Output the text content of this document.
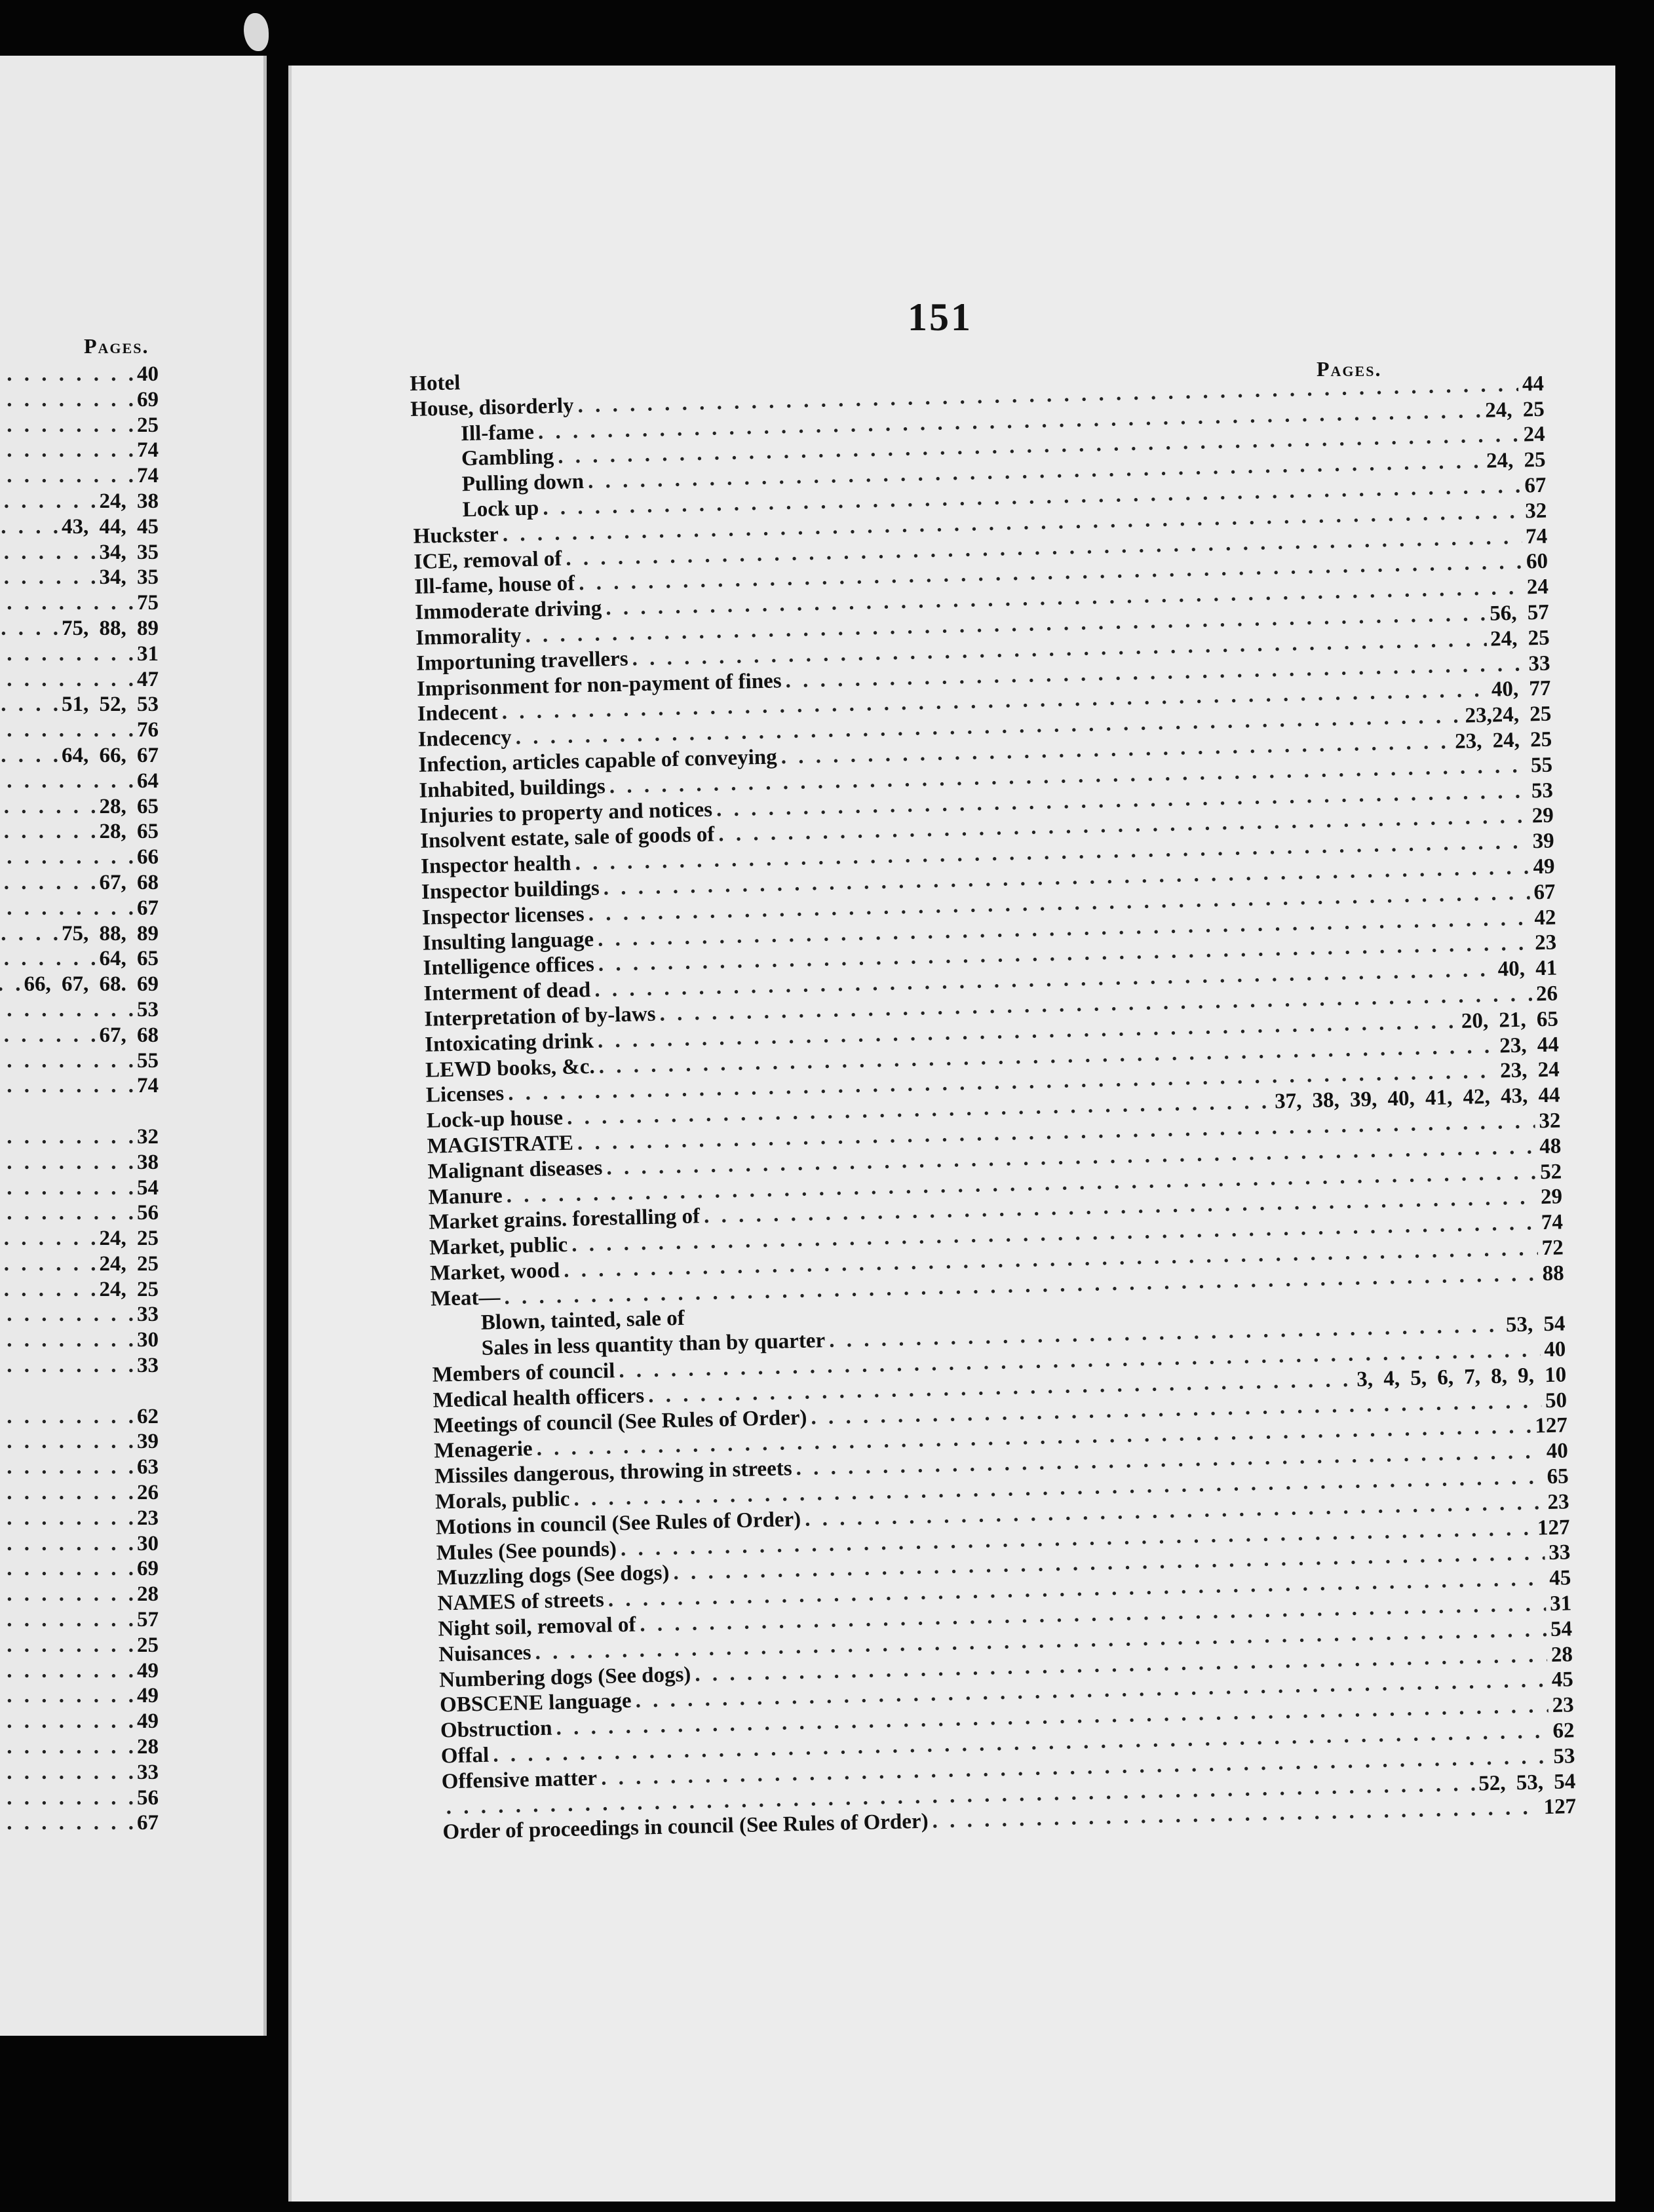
Pages.
. . .
40
. . .
69
. . .
25
. . .
74
. . .
74
. . .
24, 38
. . .
43, 44, 45
. . .
34, 35
. . .
34, 35
. . .
75
. . .
75, 88, 89
. . .
31
. . .
47
. . .
51, 52, 53
. . .
76
. . .
64, 66, 67
. . .
64
. . .
28, 65
. . .
28, 65
. . .
66
. . .
67, 68
. . .
67
. . .
75, 88, 89
. . .
64, 65
. . .
66, 67, 68. 69
. . .
53
. . .
67, 68
. . .
55
. . .
74
. . .
32
. . .
38
. . .
54
. . .
56
. . .
24, 25
. . .
24, 25
. . .
24, 25
. . .
33
. . .
30
. . .
33
. . .
62
. . .
39
. . .
63
. . .
26
. . .
23
. . .
30
. . .
69
. . .
28
. . .
57
. . .
25
. . .
49
. . .
49
. . .
49
. . .
28
. . .
33
. . .
56
. . .
67
151
Pages.
Hotel
House, disorderly
. . .
44
Ill-fame
. . .
24, 25
Gambling
. . .
24
Pulling down
. . .
24, 25
Lock up
. . .
67
Huckster
. . .
32
ICE, removal of
. . .
74
Ill-fame, house of
. . .
60
Immoderate driving
. . .
24
Immorality
. . .
56, 57
Importuning travellers
. . .
24, 25
Imprisonment for non-payment of fines
. . .
33
Indecent
. . .
40, 77
Indecency
. . .
23,24, 25
Infection, articles capable of conveying
. . .
23, 24, 25
Inhabited, buildings
. . .
55
Injuries to property and notices
. . .
53
Insolvent estate, sale of goods of
. . .
29
Inspector health
. . .
39
Inspector buildings
. . .
49
Inspector licenses
. . .
67
Insulting language
. . .
42
Intelligence offices
. . .
23
Interment of dead
. . .
40, 41
Interpretation of by-laws
. . .
26
Intoxicating drink
. . .
20, 21, 65
LEWD books, &c.
. . .
23, 44
Licenses
. . .
23, 24
Lock-up house
. . .
37, 38, 39, 40, 41, 42, 43, 44
MAGISTRATE
. . .
32
Malignant diseases
. . .
48
Manure
. . .
52
Market grains. forestalling of
. . .
29
Market, public
. . .
74
Market, wood
. . .
72
Meat—
. . .
88
Blown, tainted, sale of
Sales in less quantity than by quarter
. . .
53, 54
Members of council
. . .
40
Medical health officers
. . .
3, 4, 5, 6, 7, 8, 9, 10
Meetings of council (See Rules of Order)
. . .
50
Menagerie
. . .
127
Missiles dangerous, throwing in streets
. . .
40
Morals, public
. . .
65
Motions in council (See Rules of Order)
. . .
23
Mules (See pounds)
. . .
127
Muzzling dogs (See dogs)
. . .
33
NAMES of streets
. . .
45
Night soil, removal of
. . .
31
Nuisances
. . .
54
Numbering dogs (See dogs)
. . .
28
OBSCENE language
. . .
45
Obstruction
. . .
23
Offal
. . .
62
Offensive matter
. . .
53
. . .
52, 53, 54
Order of proceedings in council (See Rules of Order)
. . .
127
